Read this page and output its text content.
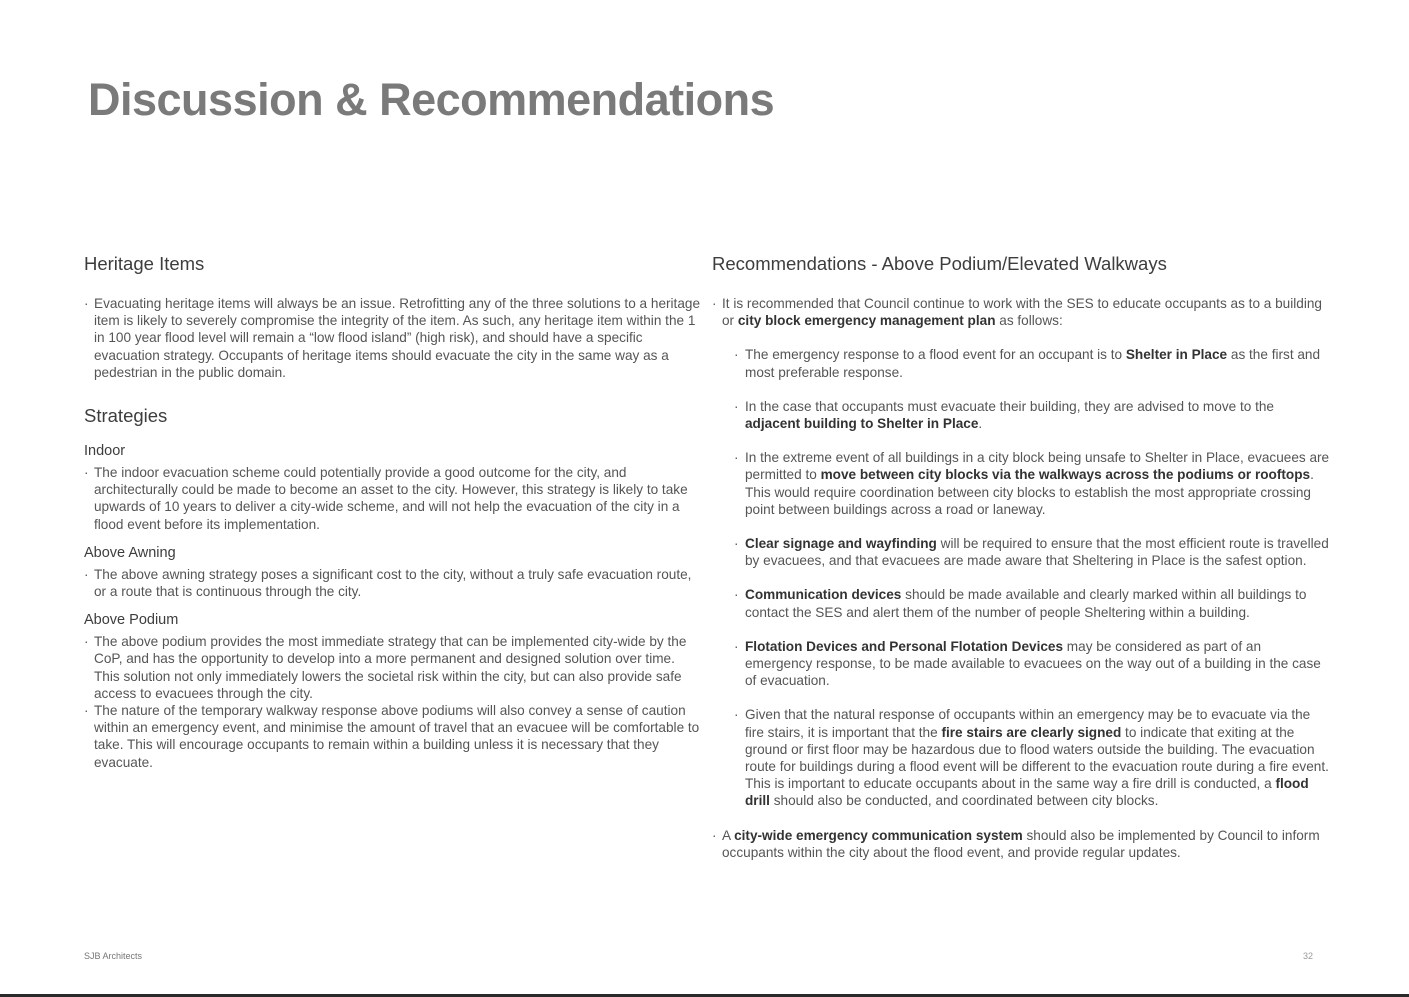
Discussion & Recommendations
Heritage Items
· Evacuating heritage items will always be an issue. Retrofitting any of the three solutions to a heritage item is likely to severely compromise the integrity of the item. As such, any heritage item within the 1 in 100 year flood level will remain a “low flood island” (high risk), and should have a specific evacuation strategy. Occupants of heritage items should evacuate the city in the same way as a pedestrian in the public domain.
Strategies
Indoor
· The indoor evacuation scheme could potentially provide a good outcome for the city, and architecturally could be made to become an asset to the city. However, this strategy is likely to take upwards of 10 years to deliver a city-wide scheme, and will not help the evacuation of the city in a flood event before its implementation.
Above Awning
· The above awning strategy poses a significant cost to the city, without a truly safe evacuation route, or a route that is continuous through the city.
Above Podium
· The above podium provides the most immediate strategy that can be implemented city-wide by the CoP, and has the opportunity to develop into a more permanent and designed solution over time. This solution not only immediately lowers the societal risk within the city, but can also provide safe access to evacuees through the city.
· The nature of the temporary walkway response above podiums will also convey a sense of caution within an emergency event, and minimise the amount of travel that an evacuee will be comfortable to take. This will encourage occupants to remain within a building unless it is necessary that they evacuate.
Recommendations - Above Podium/Elevated Walkways
· It is recommended that Council continue to work with the SES to educate occupants as to a building or city block emergency management plan as follows:
· The emergency response to a flood event for an occupant is to Shelter in Place as the first and most preferable response.
· In the case that occupants must evacuate their building, they are advised to move to the adjacent building to Shelter in Place.
· In the extreme event of all buildings in a city block being unsafe to Shelter in Place, evacuees are permitted to move between city blocks via the walkways across the podiums or rooftops. This would require coordination between city blocks to establish the most appropriate crossing point between buildings across a road or laneway.
· Clear signage and wayfinding will be required to ensure that the most efficient route is travelled by evacuees, and that evacuees are made aware that Sheltering in Place is the safest option.
· Communication devices should be made available and clearly marked within all buildings to contact the SES and alert them of the number of people Sheltering within a building.
· Flotation Devices and Personal Flotation Devices may be considered as part of an emergency response, to be made available to evacuees on the way out of a building in the case of evacuation.
· Given that the natural response of occupants within an emergency may be to evacuate via the fire stairs, it is important that the fire stairs are clearly signed to indicate that exiting at the ground or first floor may be hazardous due to flood waters outside the building. The evacuation route for buildings during a flood event will be different to the evacuation route during a fire event. This is important to educate occupants about in the same way a fire drill is conducted, a flood drill should also be conducted, and coordinated between city blocks.
· A city-wide emergency communication system should also be implemented by Council to inform occupants within the city about the flood event, and provide regular updates.
SJB Architects	32
